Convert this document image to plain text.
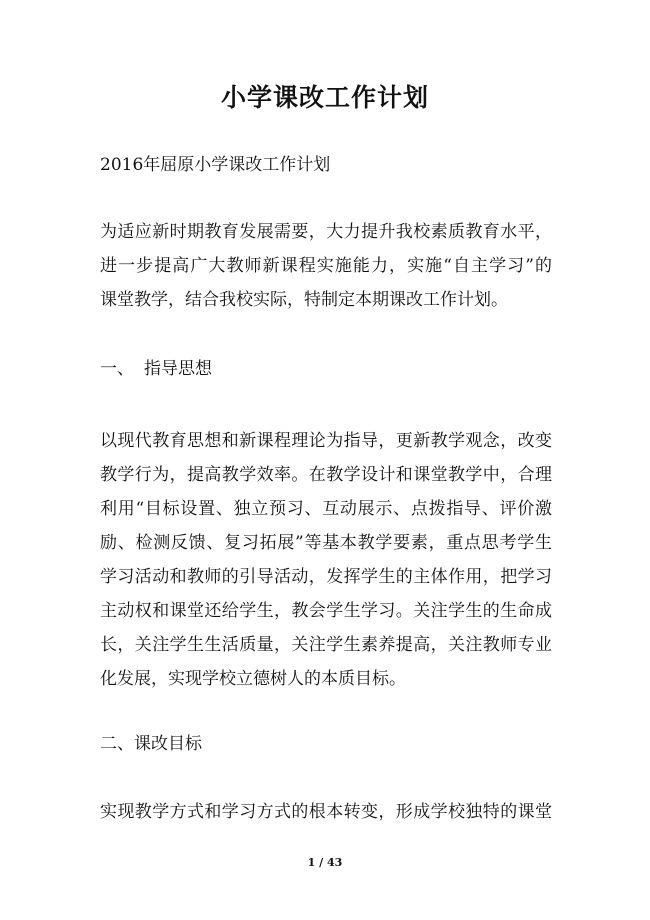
小学课改工作计划
2016年屈原小学课改工作计划
为适应新时期教育发展需要，大力提升我校素质教育水平，
进一步提高广大教师新课程实施能力，实施“自主学习”的
课堂教学，结合我校实际，特制定本期课改工作计划。
一、 指导思想
以现代教育思想和新课程理论为指导，更新教学观念，改变
教学行为，提高教学效率。在教学设计和课堂教学中，合理
利用“目标设置、独立预习、互动展示、点拨指导、评价激
励、检测反馈、复习拓展”等基本教学要素，重点思考学生
学习活动和教师的引导活动，发挥学生的主体作用，把学习
主动权和课堂还给学生，教会学生学习。关注学生的生命成
长，关注学生生活质量，关注学生素养提高，关注教师专业
化发展，实现学校立德树人的本质目标。
二、课改目标
实现教学方式和学习方式的根本转变，形成学校独特的课堂
1 / 43
